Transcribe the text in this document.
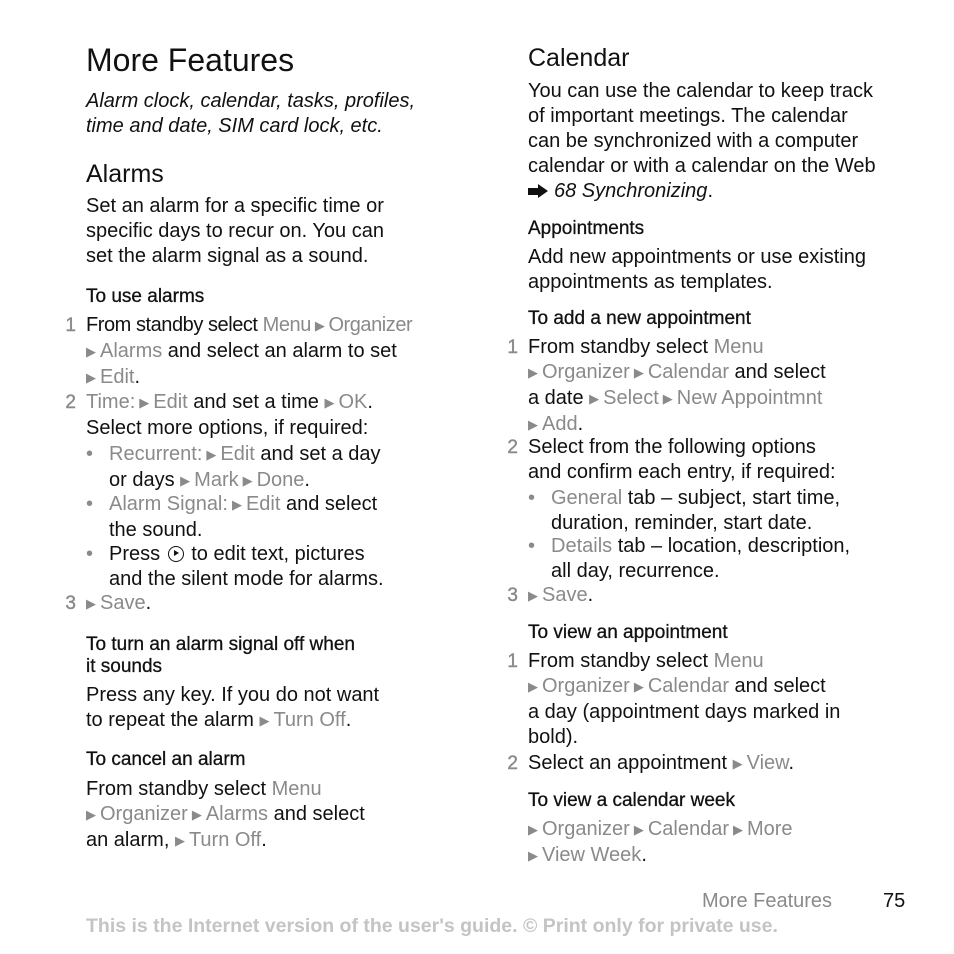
More Features
Alarm clock, calendar, tasks, profiles,
time and date, SIM card lock, etc.
Alarms
Set an alarm for a specific time or
specific days to recur on. You can
set the alarm signal as a sound.
To use alarms
1 From standby select Menu ▶ Organizer
▶ Alarms and select an alarm to set
▶ Edit.
2 Time: ▶ Edit and set a time ▶ OK.
Select more options, if required:
• Recurrent: ▶ Edit and set a day
or days ▶ Mark ▶ Done.
• Alarm Signal: ▶ Edit and select
the sound.
• Press  to edit text, pictures
and the silent mode for alarms.
3 ▶ Save.
To turn an alarm signal off when
it sounds
Press any key. If you do not want
to repeat the alarm ▶ Turn Off.
To cancel an alarm
From standby select Menu
▶ Organizer ▶ Alarms and select
an alarm, ▶ Turn Off.
Calendar
You can use the calendar to keep track
of important meetings. The calendar
can be synchronized with a computer
calendar or with a calendar on the Web
68 Synchronizing.
Appointments
Add new appointments or use existing
appointments as templates.
To add a new appointment
1 From standby select Menu
▶ Organizer ▶ Calendar and select
a date ▶ Select ▶ New Appointmnt
▶ Add.
2 Select from the following options
and confirm each entry, if required:
• General tab – subject, start time,
duration, reminder, start date.
• Details tab – location, description,
all day, recurrence.
3 ▶ Save.
To view an appointment
1 From standby select Menu
▶ Organizer ▶ Calendar and select
a day (appointment days marked in
bold).
2 Select an appointment ▶ View.
To view a calendar week
▶ Organizer ▶ Calendar ▶ More
▶ View Week.
More Features	75
This is the Internet version of the user's guide. © Print only for private use.
